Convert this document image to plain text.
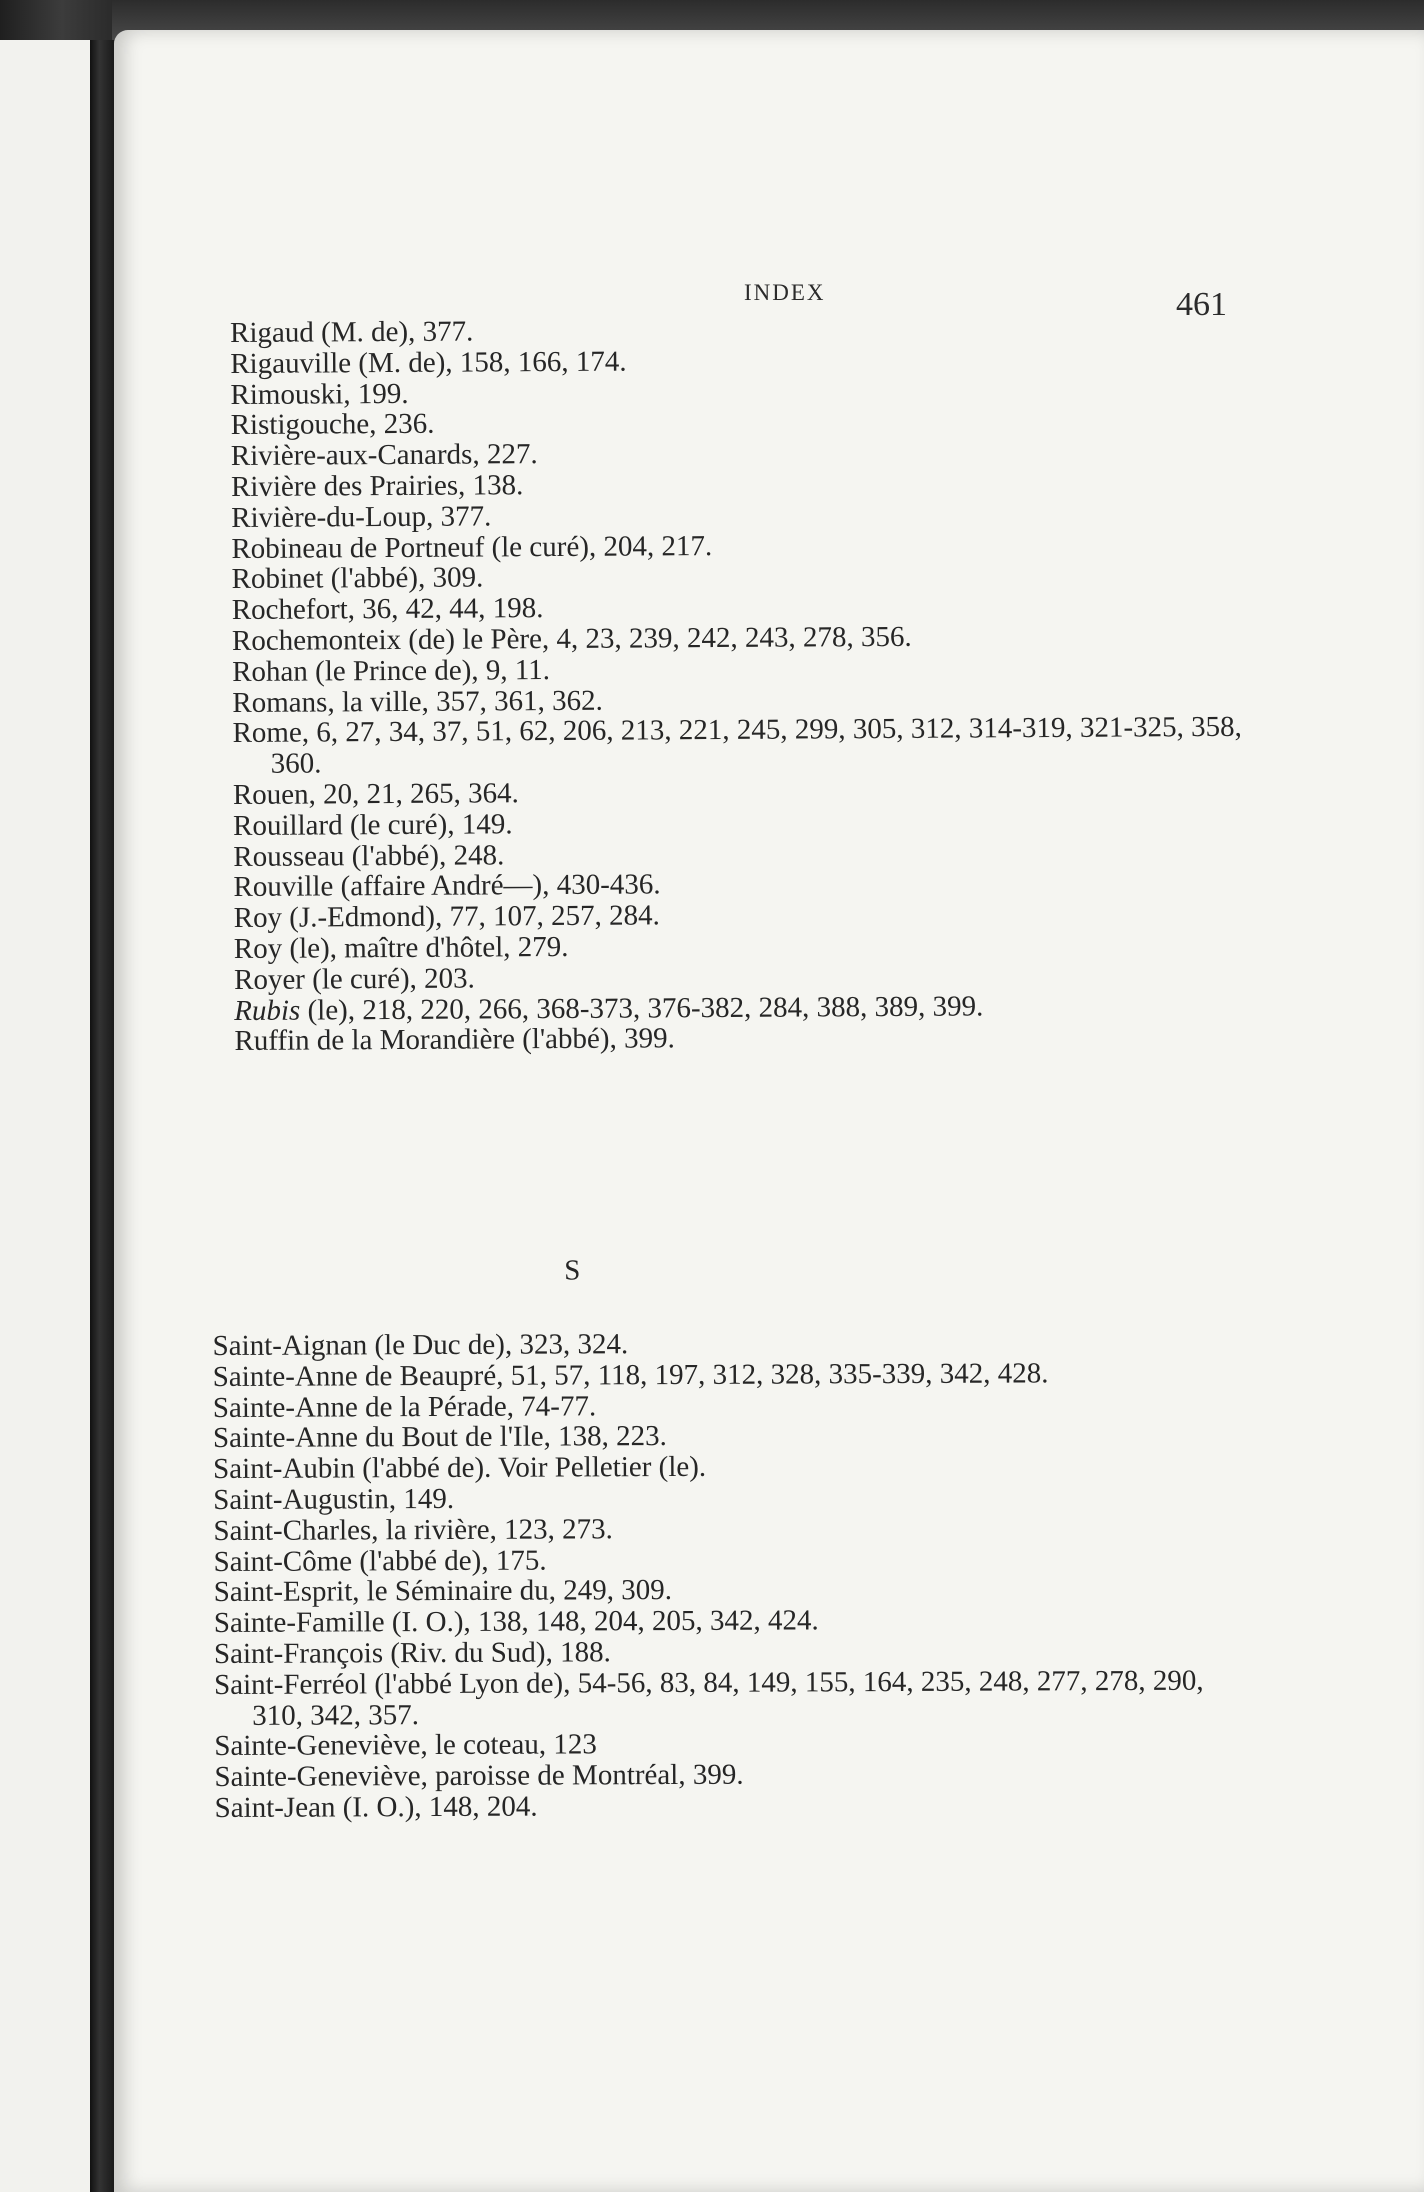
INDEX	461
Rigaud (M. de), 377.
Rigauville (M. de), 158, 166, 174.
Rimouski, 199.
Ristigouche, 236.
Rivière-aux-Canards, 227.
Rivière des Prairies, 138.
Rivière-du-Loup, 377.
Robineau de Portneuf (le curé), 204, 217.
Robinet (l'abbé), 309.
Rochefort, 36, 42, 44, 198.
Rochemonteix (de) le Père, 4, 23, 239, 242, 243, 278, 356.
Rohan (le Prince de), 9, 11.
Romans, la ville, 357, 361, 362.
Rome, 6, 27, 34, 37, 51, 62, 206, 213, 221, 245, 299, 305, 312, 314-319, 321-325, 358, 360.
Rouen, 20, 21, 265, 364.
Rouillard (le curé), 149.
Rousseau (l'abbé), 248.
Rouville (affaire André—), 430-436.
Roy (J.-Edmond), 77, 107, 257, 284.
Roy (le), maître d'hôtel, 279.
Royer (le curé), 203.
Rubis (le), 218, 220, 266, 368-373, 376-382, 284, 388, 389, 399.
Ruffin de la Morandière (l'abbé), 399.
S
Saint-Aignan (le Duc de), 323, 324.
Sainte-Anne de Beaupré, 51, 57, 118, 197, 312, 328, 335-339, 342, 428.
Sainte-Anne de la Pérade, 74-77.
Sainte-Anne du Bout de l'Ile, 138, 223.
Saint-Aubin (l'abbé de). Voir Pelletier (le).
Saint-Augustin, 149.
Saint-Charles, la rivière, 123, 273.
Saint-Côme (l'abbé de), 175.
Saint-Esprit, le Séminaire du, 249, 309.
Sainte-Famille (I. O.), 138, 148, 204, 205, 342, 424.
Saint-François (Riv. du Sud), 188.
Saint-Ferréol (l'abbé Lyon de), 54-56, 83, 84, 149, 155, 164, 235, 248, 277, 278, 290, 310, 342, 357.
Sainte-Geneviève, le coteau, 123
Sainte-Geneviève, paroisse de Montréal, 399.
Saint-Jean (I. O.), 148, 204.
